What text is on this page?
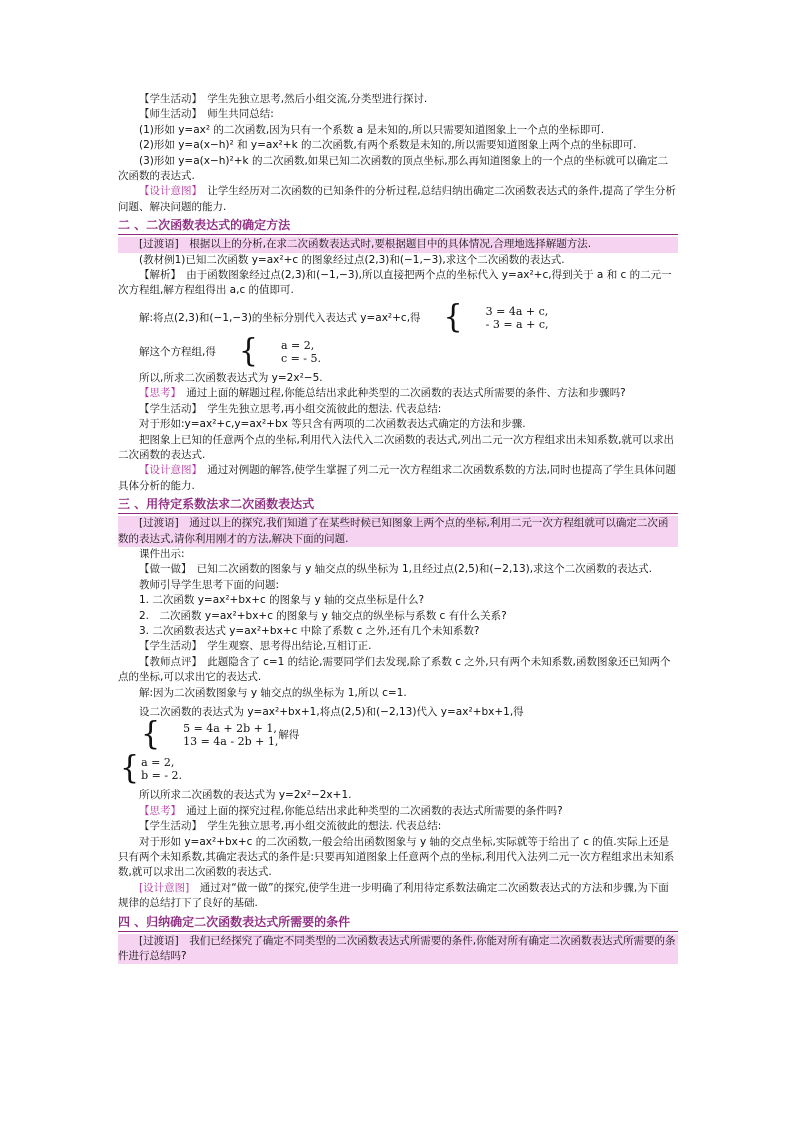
【学生活动】　学生先独立思考,然后小组交流,分类型进行探讨.

【师生活动】　师生共同总结:

(1)形如 y=ax² 的二次函数,因为只有一个系数 a 是未知的,所以只需要知道图象上一个点的坐标即可.

(2)形如 y=a(x−h)² 和 y=ax²+k 的二次函数,有两个系数是未知的,所以需要知道图象上两个点的坐标即可.

(3)形如 y=a(x−h)²+k 的二次函数,如果已知二次函数的顶点坐标,那么再知道图象上的一个点的坐标就可以确定二次函数的表达式.

【设计意图】　让学生经历对二次函数的已知条件的分析过程,总结归纳出确定二次函数表达式的条件,提高了学生分析问题、解决问题的能力.

二 、二次函数表达式的确定方法

[过渡语]　根据以上的分析,在求二次函数表达式时,要根据题目中的具体情况,合理地选择解题方法.

(教材例1)已知二次函数 y=ax²+c 的图象经过点(2,3)和(−1,−3),求这个二次函数的表达式.

【解析】　由于函数图象经过点(2,3)和(−1,−3),所以直接把两个点的坐标代入 y=ax²+c,得到关于 a 和 c 的二元一次方程组,解方程组得出 a,c 的值即可.

解:将点(2,3)和(−1,−3)的坐标分别代入表达式 y=ax²+c,得 {	3 = 4a + c,
- 3 = a + c,

解这个方程组,得 {	a = 2,
c = - 5.

所以,所求二次函数表达式为 y=2x²−5.

【思考】　通过上面的解题过程,你能总结出求此种类型的二次函数的表达式所需要的条件、方法和步骤吗?

【学生活动】　学生先独立思考,再小组交流彼此的想法. 代表总结:

对于形如:y=ax²+c,y=ax²+bx 等只含有两项的二次函数表达式确定的方法和步骤.

把图象上已知的任意两个点的坐标,利用代入法代入二次函数的表达式,列出二元一次方程组求出未知系数,就可以求出二次函数的表达式.

【设计意图】　通过对例题的解答,使学生掌握了列二元一次方程组求二次函数系数的方法,同时也提高了学生具体问题具体分析的能力.

三 、用待定系数法求二次函数表达式

[过渡语]　通过以上的探究,我们知道了在某些时候已知图象上两个点的坐标,利用二元一次方程组就可以确定二次函数的表达式,请你利用刚才的方法,解决下面的问题.

课件出示:

【做一做】　已知二次函数的图象与 y 轴交点的纵坐标为 1,且经过点(2,5)和(−2,13),求这个二次函数的表达式.

教师引导学生思考下面的问题:

1. 二次函数 y=ax²+bx+c 的图象与 y 轴的交点坐标是什么?

2.　二次函数 y=ax²+bx+c 的图象与 y 轴交点的纵坐标与系数 c 有什么关系?

3. 二次函数表达式 y=ax²+bx+c 中除了系数 c 之外,还有几个未知系数?

【学生活动】　学生观察、思考得出结论,互相订正.

【教师点评】　此题隐含了 c=1 的结论,需要同学们去发现,除了系数 c 之外,只有两个未知系数,函数图象还已知两个点的坐标,可以求出它的表达式.

解:因为二次函数图象与 y 轴交点的纵坐标为 1,所以 c=1.

设二次函数的表达式为 y=ax²+bx+1,将点(2,5)和(−2,13)代入 y=ax²+bx+1,得
{	5 = 4a + 2b + 1,
13 = 4a - 2b + 1, 解得

{ a = 2,
b = - 2.

所以所求二次函数的表达式为 y=2x²−2x+1.

【思考】　通过上面的探究过程,你能总结出求此种类型的二次函数的表达式所需要的条件吗?

【学生活动】　学生先独立思考,再小组交流彼此的想法. 代表总结:

对于形如 y=ax²+bx+c 的二次函数,一般会给出函数图象与 y 轴的交点坐标,实际就等于给出了 c 的值.实际上还是只有两个未知系数,其确定表达式的条件是:只要再知道图象上任意两个点的坐标,利用代入法列二元一次方程组求出未知系数,就可以求出二次函数的表达式.

[设计意图]　通过对“做一做”的探究,使学生进一步明确了利用待定系数法确定二次函数表达式的方法和步骤,为下面规律的总结打下了良好的基础.

四 、归纳确定二次函数表达式所需要的条件

[过渡语]　我们已经探究了确定不同类型的二次函数表达式所需要的条件,你能对所有确定二次函数表达式所需要的条件进行总结吗?
